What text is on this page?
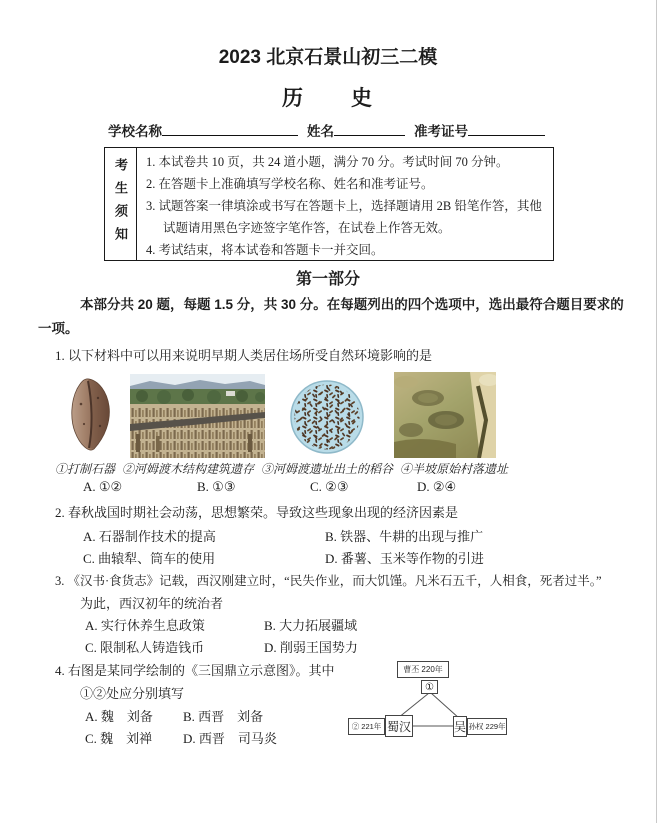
2023 北京石景山初三二模
历　　史
学校名称	姓名	准考证号
考生须知 1. 本试卷共 10 页，共 24 道小题，满分 70 分。考试时间 70 分钟。
2. 在答题卡上准确填写学校名称、姓名和准考证号。
3. 试题答案一律填涂或书写在答题卡上，选择题请用 2B 铅笔作答，其他试题请用黑色字迹签字笔作答，在试卷上作答无效。
4. 考试结束，将本试卷和答题卡一并交回。
第一部分
本部分共 20 题，每题 1.5 分，共 30 分。在每题列出的四个选项中，选出最符合题目要求的
一项。
1. 以下材料中可以用来说明早期人类居住场所受自然环境影响的是
①打制石器 ②河姆渡木结构建筑遗存 ③河姆渡遗址出土的稻谷 ④半坡原始村落遗址
A. ①②	B. ①③	C. ②③	D. ②④
2. 春秋战国时期社会动荡，思想繁荣。导致这些现象出现的经济因素是
A. 石器制作技术的提高	B. 铁器、牛耕的出现与推广
C. 曲辕犁、筒车的使用	D. 番薯、玉米等作物的引进
3. 《汉书·食货志》记载，西汉刚建立时，“民失作业，而大饥馑。凡米石五千，人相食，死者过半。”
为此，西汉初年的统治者
A. 实行休养生息政策	B. 大力拓展疆域
C. 限制私人铸造钱币	D. 削弱王国势力
4. 右图是某同学绘制的《三国鼎立示意图》。其中
①②处应分别填写
A. 魏　刘备 B. 西晋　刘备
C. 魏　刘禅 D. 西晋　司马炎
曹丕 220年
①
② 221年 蜀汉	吴 孙权 229年
